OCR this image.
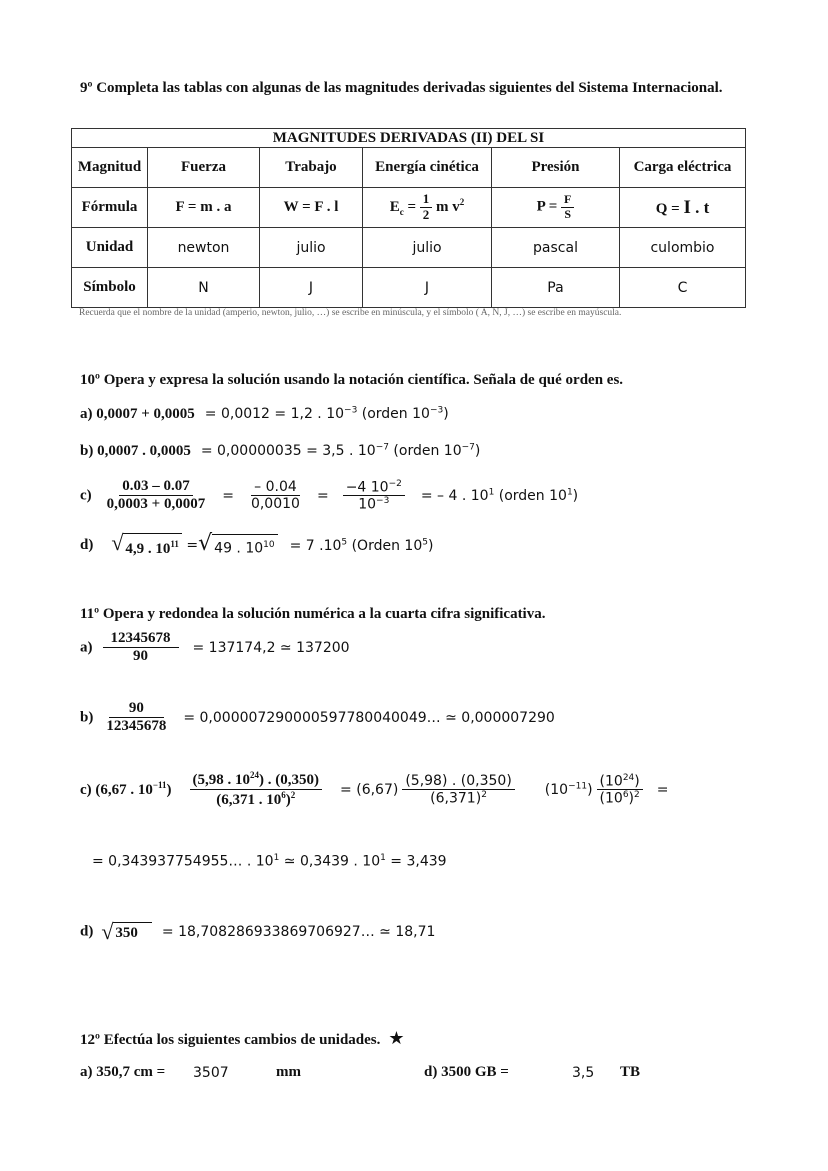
9º Completa las tablas con algunas de las magnitudes derivadas siguientes del Sistema Internacional.
MAGNITUDES DERIVADAS (II) DEL SI					
Magnitud	Fuerza	Trabajo	Energía cinética	Presión	Carga eléctrica
Fórmula	F = m . a	W = F . l	$E_c = \frac{1}{2}$ m $v^2$	$P = \frac{F}{S}$	Q = I . t
Unidad	newton	julio	julio	pascal	culombio
Símbolo	N	J	J	Pa	C
Recuerda que el nombre de la unidad (amperio, newton, julio, …) se escribe en minúscula, y el símbolo ( A, N, J, …) se escribe en mayúscula.
10º Opera y expresa la solución usando la notación científica. Señala de qué orden es.
a) 0,0007 + 0,0005 = 0,0012 = 1,2 . $10^{-3}$ (orden $10^{-3}$)
b) 0,0007 . 0,0005 = 0,00000035 = 3,5 . $10^{-7}$ (orden $10^{-7}$)
$c) \frac{0.03 - 0.07}{0,0003 + 0,0007} = \frac{- 0.04}{0,0010} = \frac{-4 10^{-2}}{10^{-3}}$ = – 4 . $10^1$ (orden $10^1$)
d) √ 4,9 . $10^{11}$ = √ 49 . $10^{10} = 7$ $.10^5$ (Orden $10^5$)
11º Opera y redondea la solución numérica a la cuarta cifra significativa.
$a) \frac{12345678}{90} = 137174,2$ ≃ 137200
$b) \frac{90}{12345678}$ = 0,000007290000597780040049… ≃ 0,000007290
c) (6,67 . $10^{-11}) \frac{(5,98 . 10^{24}) . (0,350)}{(6,371 . 10^6)^2} = (6,67) \frac{(5,98) . (0,350)}{(6,371)^2} (10^{-11}) \frac{(10^{24})}{(10^6)^2}$ =
= 0,343937754955… . $10^1$ ≃ 0,3439 . $10^1 = 3,439$
d) √ 350	= 18,708286933869706927… ≃ 18,71
12º Efectúa los siguientes cambios de unidades. ★
a) 350,7 cm = 3507	mm	d) 3500 GB =	3,5 TB
